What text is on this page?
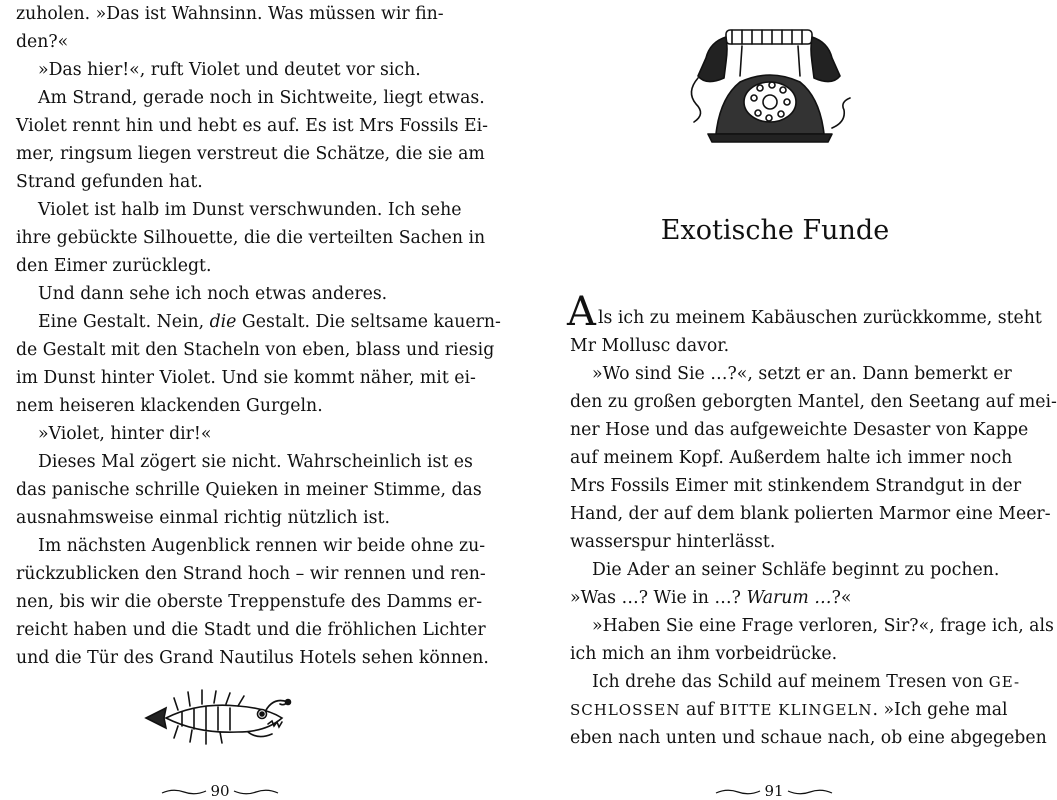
zuholen. »Das ist Wahnsinn. Was müssen wir fin-
den?«
»Das hier!«, ruft Violet und deutet vor sich.
Am Strand, gerade noch in Sichtweite, liegt etwas.
Violet rennt hin und hebt es auf. Es ist Mrs Fossils Ei-
mer, ringsum liegen verstreut die Schätze, die sie am
Strand gefunden hat.
Violet ist halb im Dunst verschwunden. Ich sehe
ihre gebückte Silhouette, die die verteilten Sachen in
den Eimer zurücklegt.
Und dann sehe ich noch etwas anderes.
Eine Gestalt. Nein, die Gestalt. Die seltsame kauern-
de Gestalt mit den Stacheln von eben, blass und riesig
im Dunst hinter Violet. Und sie kommt näher, mit ei-
nem heiseren klackenden Gurgeln.
»Violet, hinter dir!«
Dieses Mal zögert sie nicht. Wahrscheinlich ist es
das panische schrille Quieken in meiner Stimme, das
ausnahmsweise einmal richtig nützlich ist.
Im nächsten Augenblick rennen wir beide ohne zu-
rückzublicken den Strand hoch – wir rennen und ren-
nen, bis wir die oberste Treppenstufe des Damms er-
reicht haben und die Stadt und die fröhlichen Lichter
und die Tür des Grand Nautilus Hotels sehen können.
90
Exotische Funde
A ls ich zu meinem Kabäuschen zurückkomme, steht
Mr Mollusc davor.
»Wo sind Sie …?«, setzt er an. Dann bemerkt er
den zu großen geborgten Mantel, den Seetang auf mei-
ner Hose und das aufgeweichte Desaster von Kappe
auf meinem Kopf. Außerdem halte ich immer noch
Mrs Fossils Eimer mit stinkendem Strandgut in der
Hand, der auf dem blank polierten Marmor eine Meer-
wasserspur hinterlässt.
Die Ader an seiner Schläfe beginnt zu pochen.
»Was …? Wie in …? Warum …?«
»Haben Sie eine Frage verloren, Sir?«, frage ich, als
ich mich an ihm vorbeidrücke.
Ich drehe das Schild auf meinem Tresen von GE-
SCHLOSSEN auf BITTE KLINGELN. »Ich gehe mal
eben nach unten und schaue nach, ob eine abgegeben
91
